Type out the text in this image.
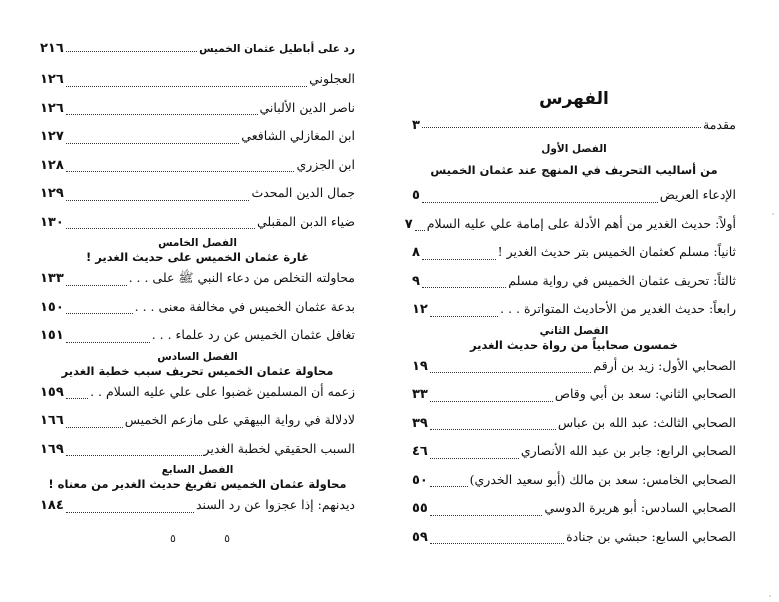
رد على أباطيل عثمان الخميس
٢١٦
العجلوني
١٢٦
ناصر الدين الألباني
١٢٦
ابن المغازلي الشافعي
١٢٧
ابن الجزري
١٢٨
جمال الدين المحدث
١٢٩
ضياء الدبن المقبلي
١٣٠
الفصل الخامس
غارة عثمان الخميس على حديث الغدير !
محاولته التخلص من دعاء النبي ﷺ على . . .
١٣٣
بدعة عثمان الخميس في مخالفة معنى . . .
١٥٠
تغافل عثمان الخميس عن رد علماء . . .
١٥١
الفصل السادس
محاولة عثمان الخميس تحريف سبب خطبة الغدير
زعمه أن المسلمين غضبوا على علي عليه السلام . .
١٥٩
لادلالة في رواية البيهقي على مازعم الخميس
١٦٦
السبب الحقيقي لخطبة الغدير
١٦٩
الفصل السابع
محاولة عثمان الخميس تفريغ حديث الغدير من معناه !
ديدنهم: إذا عجزوا عن رد السند
١٨٤
٥	٥
الفهرس
مقدمة
٣
الفصل الأول
من أساليب التحريف في المنهج عند عثمان الخميس
الإدعاء العريض
٥
أولاً: حديث الغدير من أهم الأدلة على إمامة علي عليه السلام
٧
ثانياً: مسلم كعثمان الخميس بتر حديث الغدير !
٨
ثالثاً: تحريف عثمان الخميس في رواية مسلم
٩
رابعاً: حديث الغدير من الأحاديث المتواترة . . .
١٢
الفصل الثاني
خمسون صحابياً من رواة حديث الغدير
الصحابي الأول: زيد بن أرقم
١٩
الصحابي الثاني: سعد بن أبي وقاص
٣٣
الصحابي الثالث: عبد الله بن عباس
٣٩
الصحابي الرابع: جابر بن عبد الله الأنصاري
٤٦
الصحابي الخامس: سعد بن مالك (أبو سعيد الخدري)
٥٠
الصحابي السادس: أبو هريرة الدوسي
٥٥
الصحابي السابع: حبشي بن جنادة
٥٩
